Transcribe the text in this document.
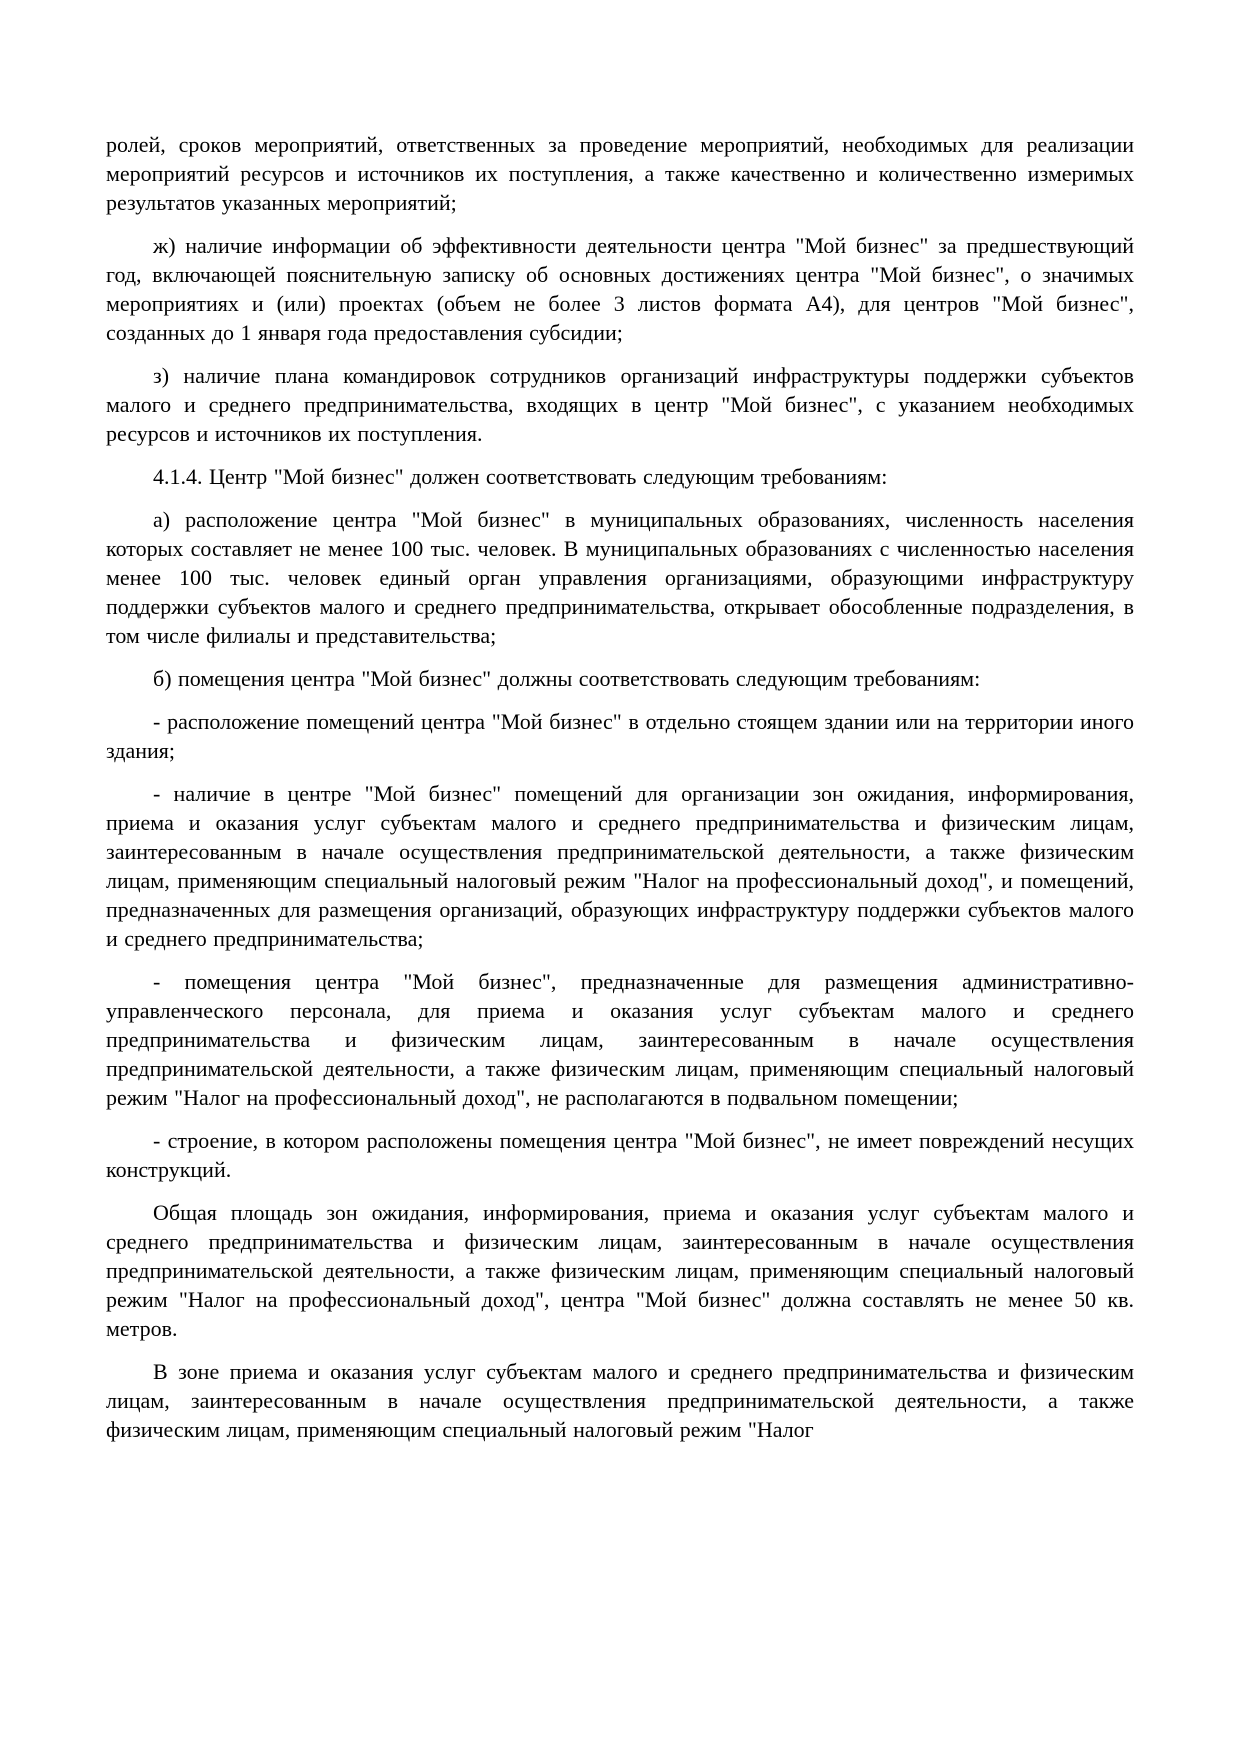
ролей, сроков мероприятий, ответственных за проведение мероприятий, необходимых для реализации мероприятий ресурсов и источников их поступления, а также качественно и количественно измеримых результатов указанных мероприятий;

ж) наличие информации об эффективности деятельности центра "Мой бизнес" за предшествующий год, включающей пояснительную записку об основных достижениях центра "Мой бизнес", о значимых мероприятиях и (или) проектах (объем не более 3 листов формата А4), для центров "Мой бизнес", созданных до 1 января года предоставления субсидии;

з) наличие плана командировок сотрудников организаций инфраструктуры поддержки субъектов малого и среднего предпринимательства, входящих в центр "Мой бизнес", с указанием необходимых ресурсов и источников их поступления.

4.1.4. Центр "Мой бизнес" должен соответствовать следующим требованиям:

а) расположение центра "Мой бизнес" в муниципальных образованиях, численность населения которых составляет не менее 100 тыс. человек. В муниципальных образованиях с численностью населения менее 100 тыс. человек единый орган управления организациями, образующими инфраструктуру поддержки субъектов малого и среднего предпринимательства, открывает обособленные подразделения, в том числе филиалы и представительства;

б) помещения центра "Мой бизнес" должны соответствовать следующим требованиям:

- расположение помещений центра "Мой бизнес" в отдельно стоящем здании или на территории иного здания;

- наличие в центре "Мой бизнес" помещений для организации зон ожидания, информирования, приема и оказания услуг субъектам малого и среднего предпринимательства и физическим лицам, заинтересованным в начале осуществления предпринимательской деятельности, а также физическим лицам, применяющим специальный налоговый режим "Налог на профессиональный доход", и помещений, предназначенных для размещения организаций, образующих инфраструктуру поддержки субъектов малого и среднего предпринимательства;

- помещения центра "Мой бизнес", предназначенные для размещения административно-управленческого персонала, для приема и оказания услуг субъектам малого и среднего предпринимательства и физическим лицам, заинтересованным в начале осуществления предпринимательской деятельности, а также физическим лицам, применяющим специальный налоговый режим "Налог на профессиональный доход", не располагаются в подвальном помещении;

- строение, в котором расположены помещения центра "Мой бизнес", не имеет повреждений несущих конструкций.

Общая площадь зон ожидания, информирования, приема и оказания услуг субъектам малого и среднего предпринимательства и физическим лицам, заинтересованным в начале осуществления предпринимательской деятельности, а также физическим лицам, применяющим специальный налоговый режим "Налог на профессиональный доход", центра "Мой бизнес" должна составлять не менее 50 кв. метров.

В зоне приема и оказания услуг субъектам малого и среднего предпринимательства и физическим лицам, заинтересованным в начале осуществления предпринимательской деятельности, а также физическим лицам, применяющим специальный налоговый режим "Налог
